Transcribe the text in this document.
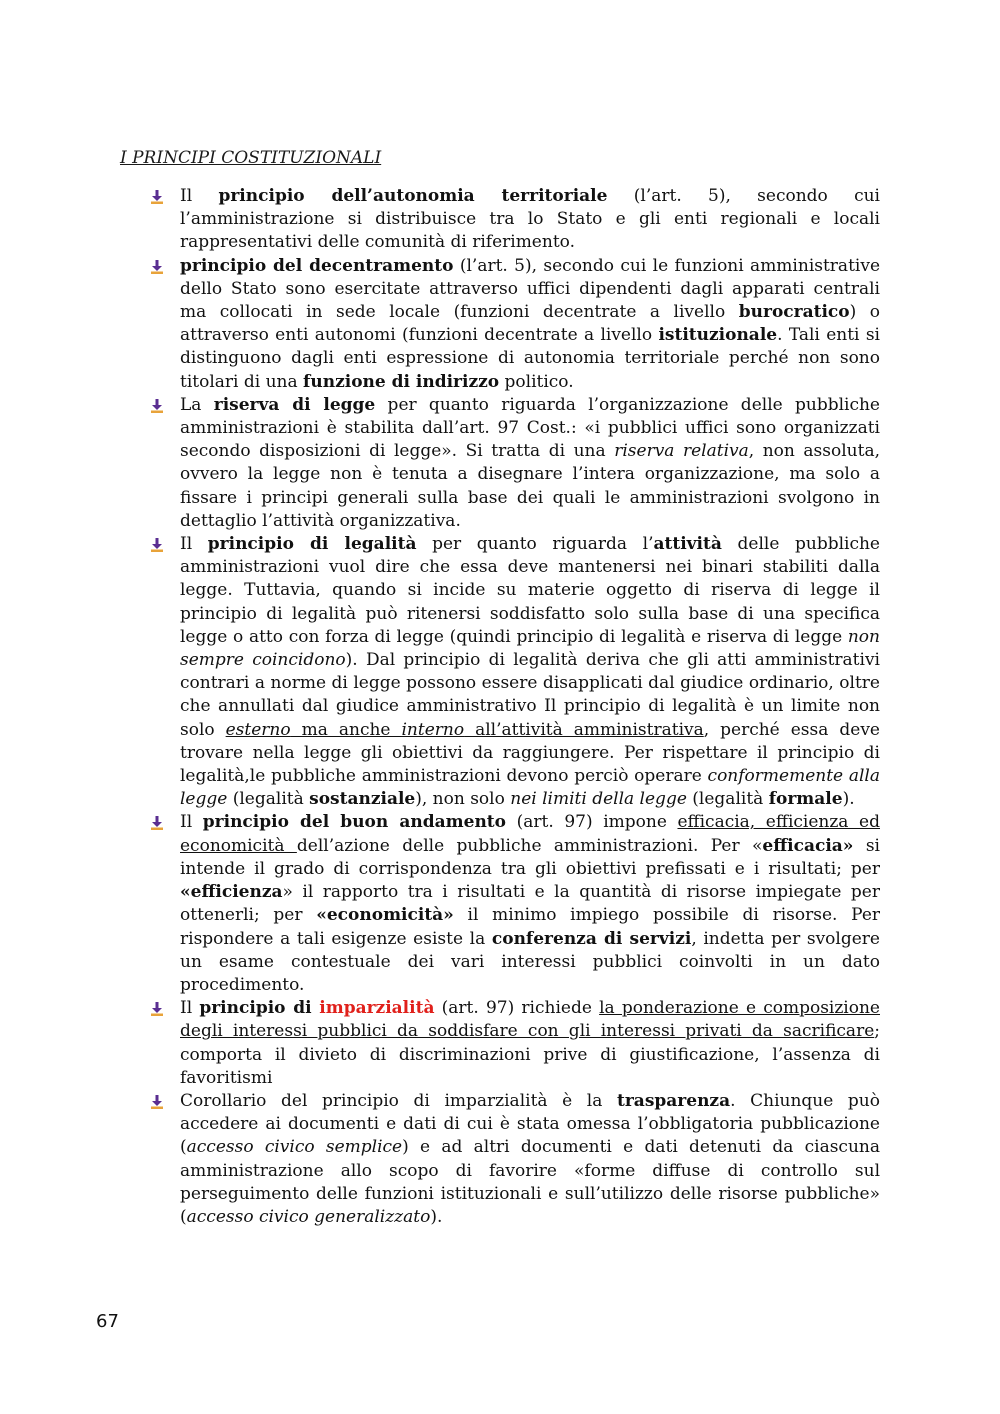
I PRINCIPI COSTITUZIONALI
Il principio dell’autonomia territoriale (l’art. 5), secondo cui l’amministrazione si distribuisce tra lo Stato e gli enti regionali e locali rappresentativi delle comunità di riferimento.
principio del decentramento (l’art. 5), secondo cui le funzioni amministrative dello Stato sono esercitate attraverso uffici dipendenti dagli apparati centrali ma collocati in sede locale (funzioni decentrate a livello burocratico) o attraverso enti autonomi (funzioni decentrate a livello istituzionale. Tali enti si distinguono dagli enti espressione di autonomia territoriale perché non sono titolari di una funzione di indirizzo politico.
La riserva di legge per quanto riguarda l’organizzazione delle pubbliche amministrazioni è stabilita dall’art. 97 Cost.: «i pubblici uffici sono organizzati secondo disposizioni di legge». Si tratta di una riserva relativa, non assoluta, ovvero la legge non è tenuta a disegnare l’intera organizzazione, ma solo a fissare i principi generali sulla base dei quali le amministrazioni svolgono in dettaglio l’attività organizzativa.
Il principio di legalità per quanto riguarda l’attività delle pubbliche amministrazioni vuol dire che essa deve mantenersi nei binari stabiliti dalla legge. Tuttavia, quando si incide su materie oggetto di riserva di legge il principio di legalità può ritenersi soddisfatto solo sulla base di una specifica legge o atto con forza di legge (quindi principio di legalità e riserva di legge non sempre coincidono). Dal principio di legalità deriva che gli atti amministrativi contrari a norme di legge possono essere disapplicati dal giudice ordinario, oltre che annullati dal giudice amministrativo Il principio di legalità è un limite non solo esterno ma anche interno all’attività amministrativa, perché essa deve trovare nella legge gli obiettivi da raggiungere. Per rispettare il principio di legalità,le pubbliche amministrazioni devono perciò operare conformemente alla legge (legalità sostanziale), non solo nei limiti della legge (legalità formale).
Il principio del buon andamento (art. 97) impone efficacia, efficienza ed economicità dell’azione delle pubbliche amministrazioni. Per «efficacia» si intende il grado di corrispondenza tra gli obiettivi prefissati e i risultati; per «efficienza» il rapporto tra i risultati e la quantità di risorse impiegate per ottenerli; per «economicità» il minimo impiego possibile di risorse. Per rispondere a tali esigenze esiste la conferenza di servizi, indetta per svolgere un esame contestuale dei vari interessi pubblici coinvolti in un dato procedimento.
Il principio di imparzialità (art. 97) richiede la ponderazione e composizione degli interessi pubblici da soddisfare con gli interessi privati da sacrificare; comporta il divieto di discriminazioni prive di giustificazione, l’assenza di favoritismi
Corollario del principio di imparzialità è la trasparenza. Chiunque può accedere ai documenti e dati di cui è stata omessa l’obbligatoria pubblicazione (accesso civico semplice) e ad altri documenti e dati detenuti da ciascuna amministrazione allo scopo di favorire «forme diffuse di controllo sul perseguimento delle funzioni istituzionali e sull’utilizzo delle risorse pubbliche» (accesso civico generalizzato).
67
